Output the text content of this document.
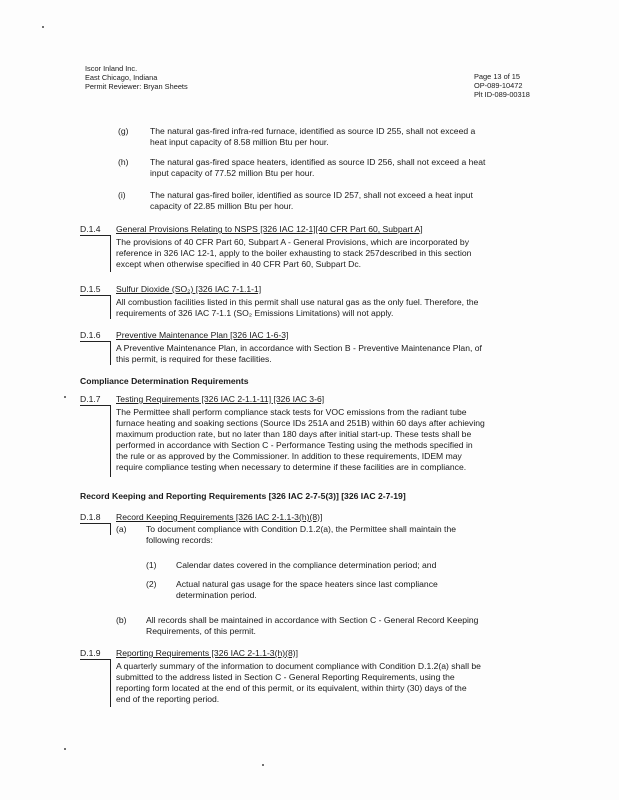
Iscor Inland Inc.
East Chicago, Indiana
Permit Reviewer: Bryan Sheets
Page 13 of 15
OP-089-10472
Plt ID-089-00318
(g) The natural gas-fired infra-red furnace, identified as source ID 255, shall not exceed a
heat input capacity of 8.58 million Btu per hour.
(h) The natural gas-fired space heaters, identified as source ID 256, shall not exceed a heat
input capacity of 77.52 million Btu per hour.
(i)	The natural gas-fired boiler, identified as source ID 257, shall not exceed a heat input
capacity of 22.85 million Btu per hour.
D.1.4 General Provisions Relating to NSPS [326 IAC 12-1][40 CFR Part 60, Subpart A]
The provisions of 40 CFR Part 60, Subpart A - General Provisions, which are incorporated by
reference in 326 IAC 12-1, apply to the boiler exhausting to stack 257described in this section
except when otherwise specified in 40 CFR Part 60, Subpart Dc.
D.1.5 Sulfur Dioxide (SO₂) [326 IAC 7-1.1-1]
All combustion facilities listed in this permit shall use natural gas as the only fuel. Therefore, the
requirements of 326 IAC 7-1.1 (SO₂ Emissions Limitations) will not apply.
D.1.6 Preventive Maintenance Plan [326 IAC 1-6-3]
A Preventive Maintenance Plan, in accordance with Section B - Preventive Maintenance Plan, of
this permit, is required for these facilities.
Compliance Determination Requirements
D.1.7 Testing Requirements [326 IAC 2-1.1-11] [326 IAC 3-6]
The Permittee shall perform compliance stack tests for VOC emissions from the radiant tube
furnace heating and soaking sections (Source IDs 251A and 251B) within 60 days after achieving
maximum production rate, but no later than 180 days after initial start-up. These tests shall be
performed in accordance with Section C - Performance Testing using the methods specified in
the rule or as approved by the Commissioner. In addition to these requirements, IDEM may
require compliance testing when necessary to determine if these facilities are in compliance.
Record Keeping and Reporting Requirements [326 IAC 2-7-5(3)] [326 IAC 2-7-19]
D.1.8 Record Keeping Requirements [326 IAC 2-1.1-3(h)(8)]
(a) To document compliance with Condition D.1.2(a), the Permittee shall maintain the
following records:
(1) Calendar dates covered in the compliance determination period; and
(2) Actual natural gas usage for the space heaters since last compliance
determination period.
(b) All records shall be maintained in accordance with Section C - General Record Keeping
Requirements, of this permit.
D.1.9 Reporting Requirements [326 IAC 2-1.1-3(h)(8)]
A quarterly summary of the information to document compliance with Condition D.1.2(a) shall be
submitted to the address listed in Section C - General Reporting Requirements, using the
reporting form located at the end of this permit, or its equivalent, within thirty (30) days of the
end of the reporting period.
